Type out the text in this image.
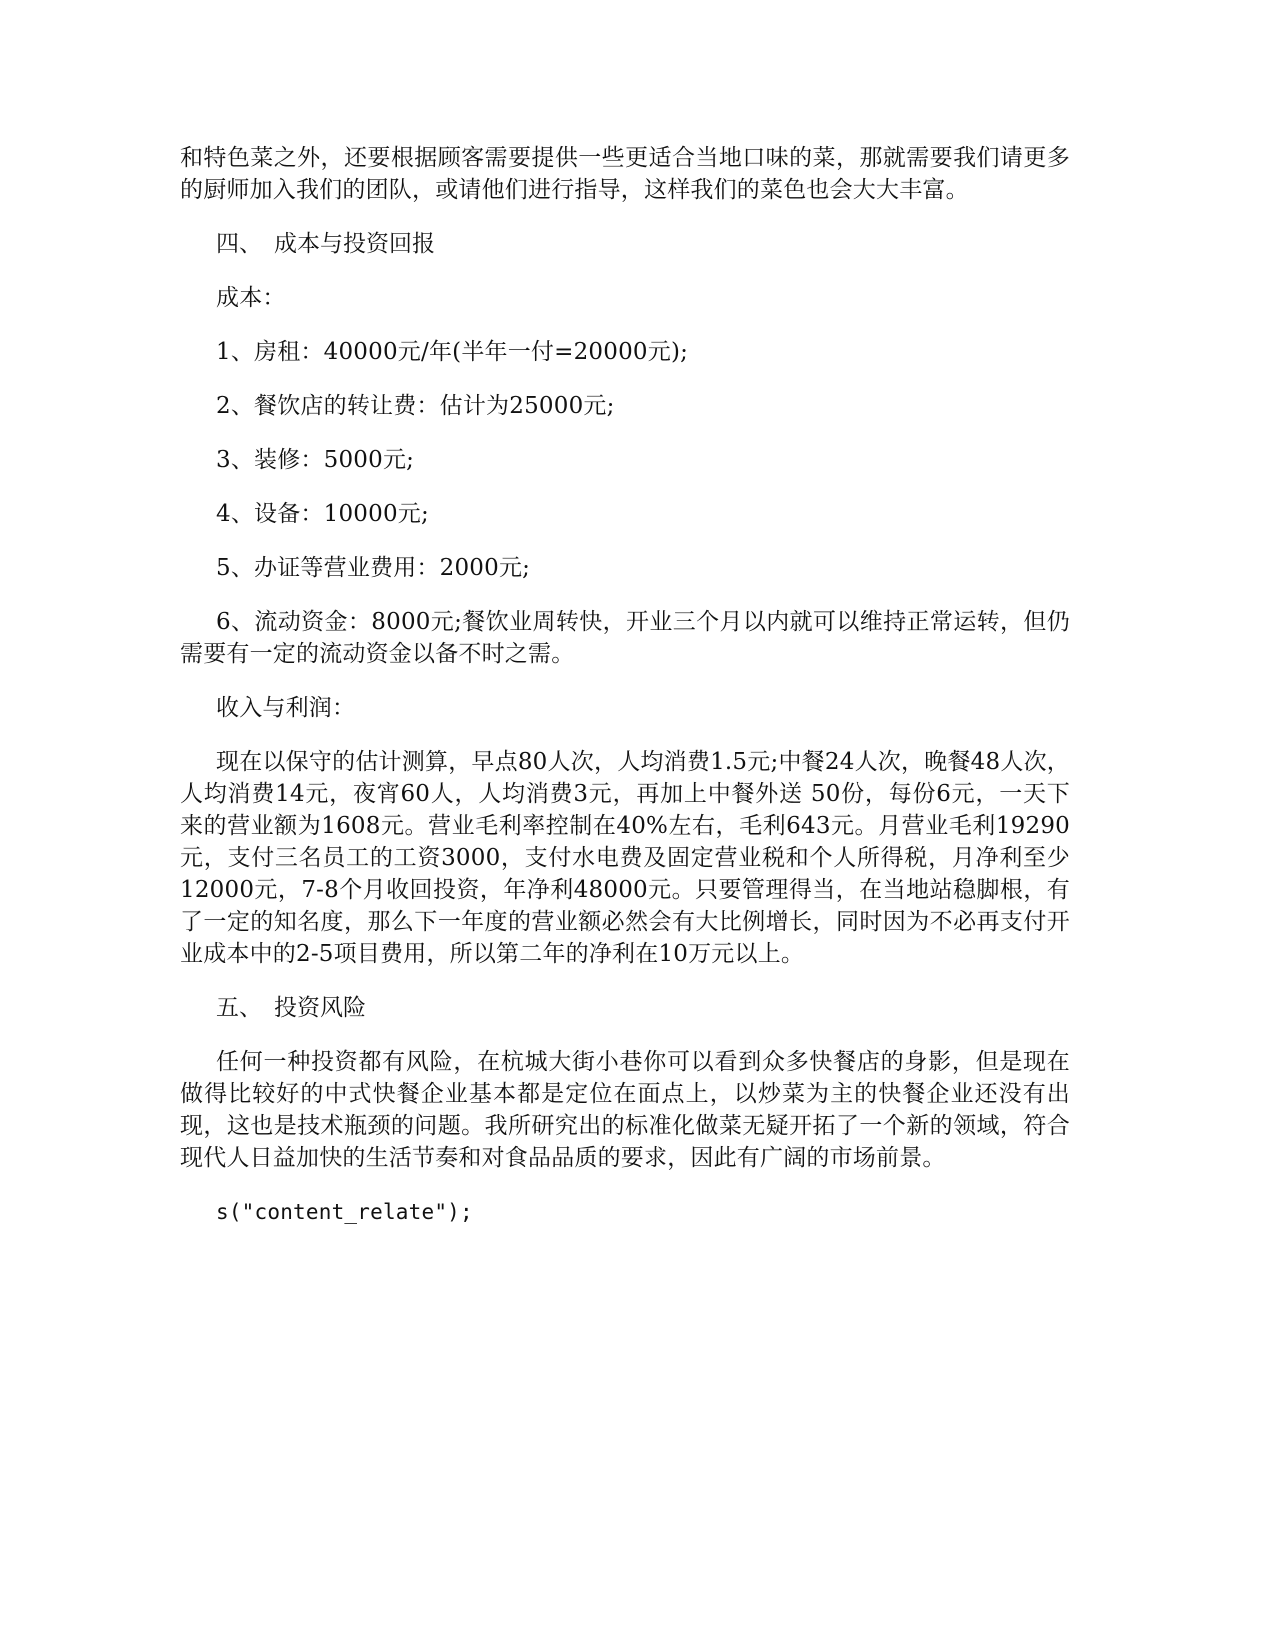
和特色菜之外，还要根据顾客需要提供一些更适合当地口味的菜，那就需要我们请更多的厨师加入我们的团队，或请他们进行指导，这样我们的菜色也会大大丰富。

四、 成本与投资回报

成本：

1、房租：40000元/年(半年一付=20000元);

2、餐饮店的转让费：估计为25000元;

3、装修：5000元;

4、设备：10000元;

5、办证等营业费用：2000元;

6、流动资金：8000元;餐饮业周转快，开业三个月以内就可以维持正常运转，但仍需要有一定的流动资金以备不时之需。

收入与利润：

现在以保守的估计测算，早点80人次，人均消费1.5元;中餐24人次，晚餐48人次，人均消费14元，夜宵60人，人均消费3元，再加上中餐外送 50份，每份6元，一天下来的营业额为1608元。营业毛利率控制在40%左右，毛利643元。月营业毛利19290元，支付三名员工的工资3000，支付水电费及固定营业税和个人所得税，月净利至少12000元，7-8个月收回投资，年净利48000元。只要管理得当，在当地站稳脚根，有了一定的知名度，那么下一年度的营业额必然会有大比例增长，同时因为不必再支付开业成本中的2-5项目费用，所以第二年的净利在10万元以上。

五、 投资风险

任何一种投资都有风险，在杭城大街小巷你可以看到众多快餐店的身影，但是现在做得比较好的中式快餐企业基本都是定位在面点上，以炒菜为主的快餐企业还没有出现，这也是技术瓶颈的问题。我所研究出的标准化做菜无疑开拓了一个新的领域，符合现代人日益加快的生活节奏和对食品品质的要求，因此有广阔的市场前景。

s("content_relate");
